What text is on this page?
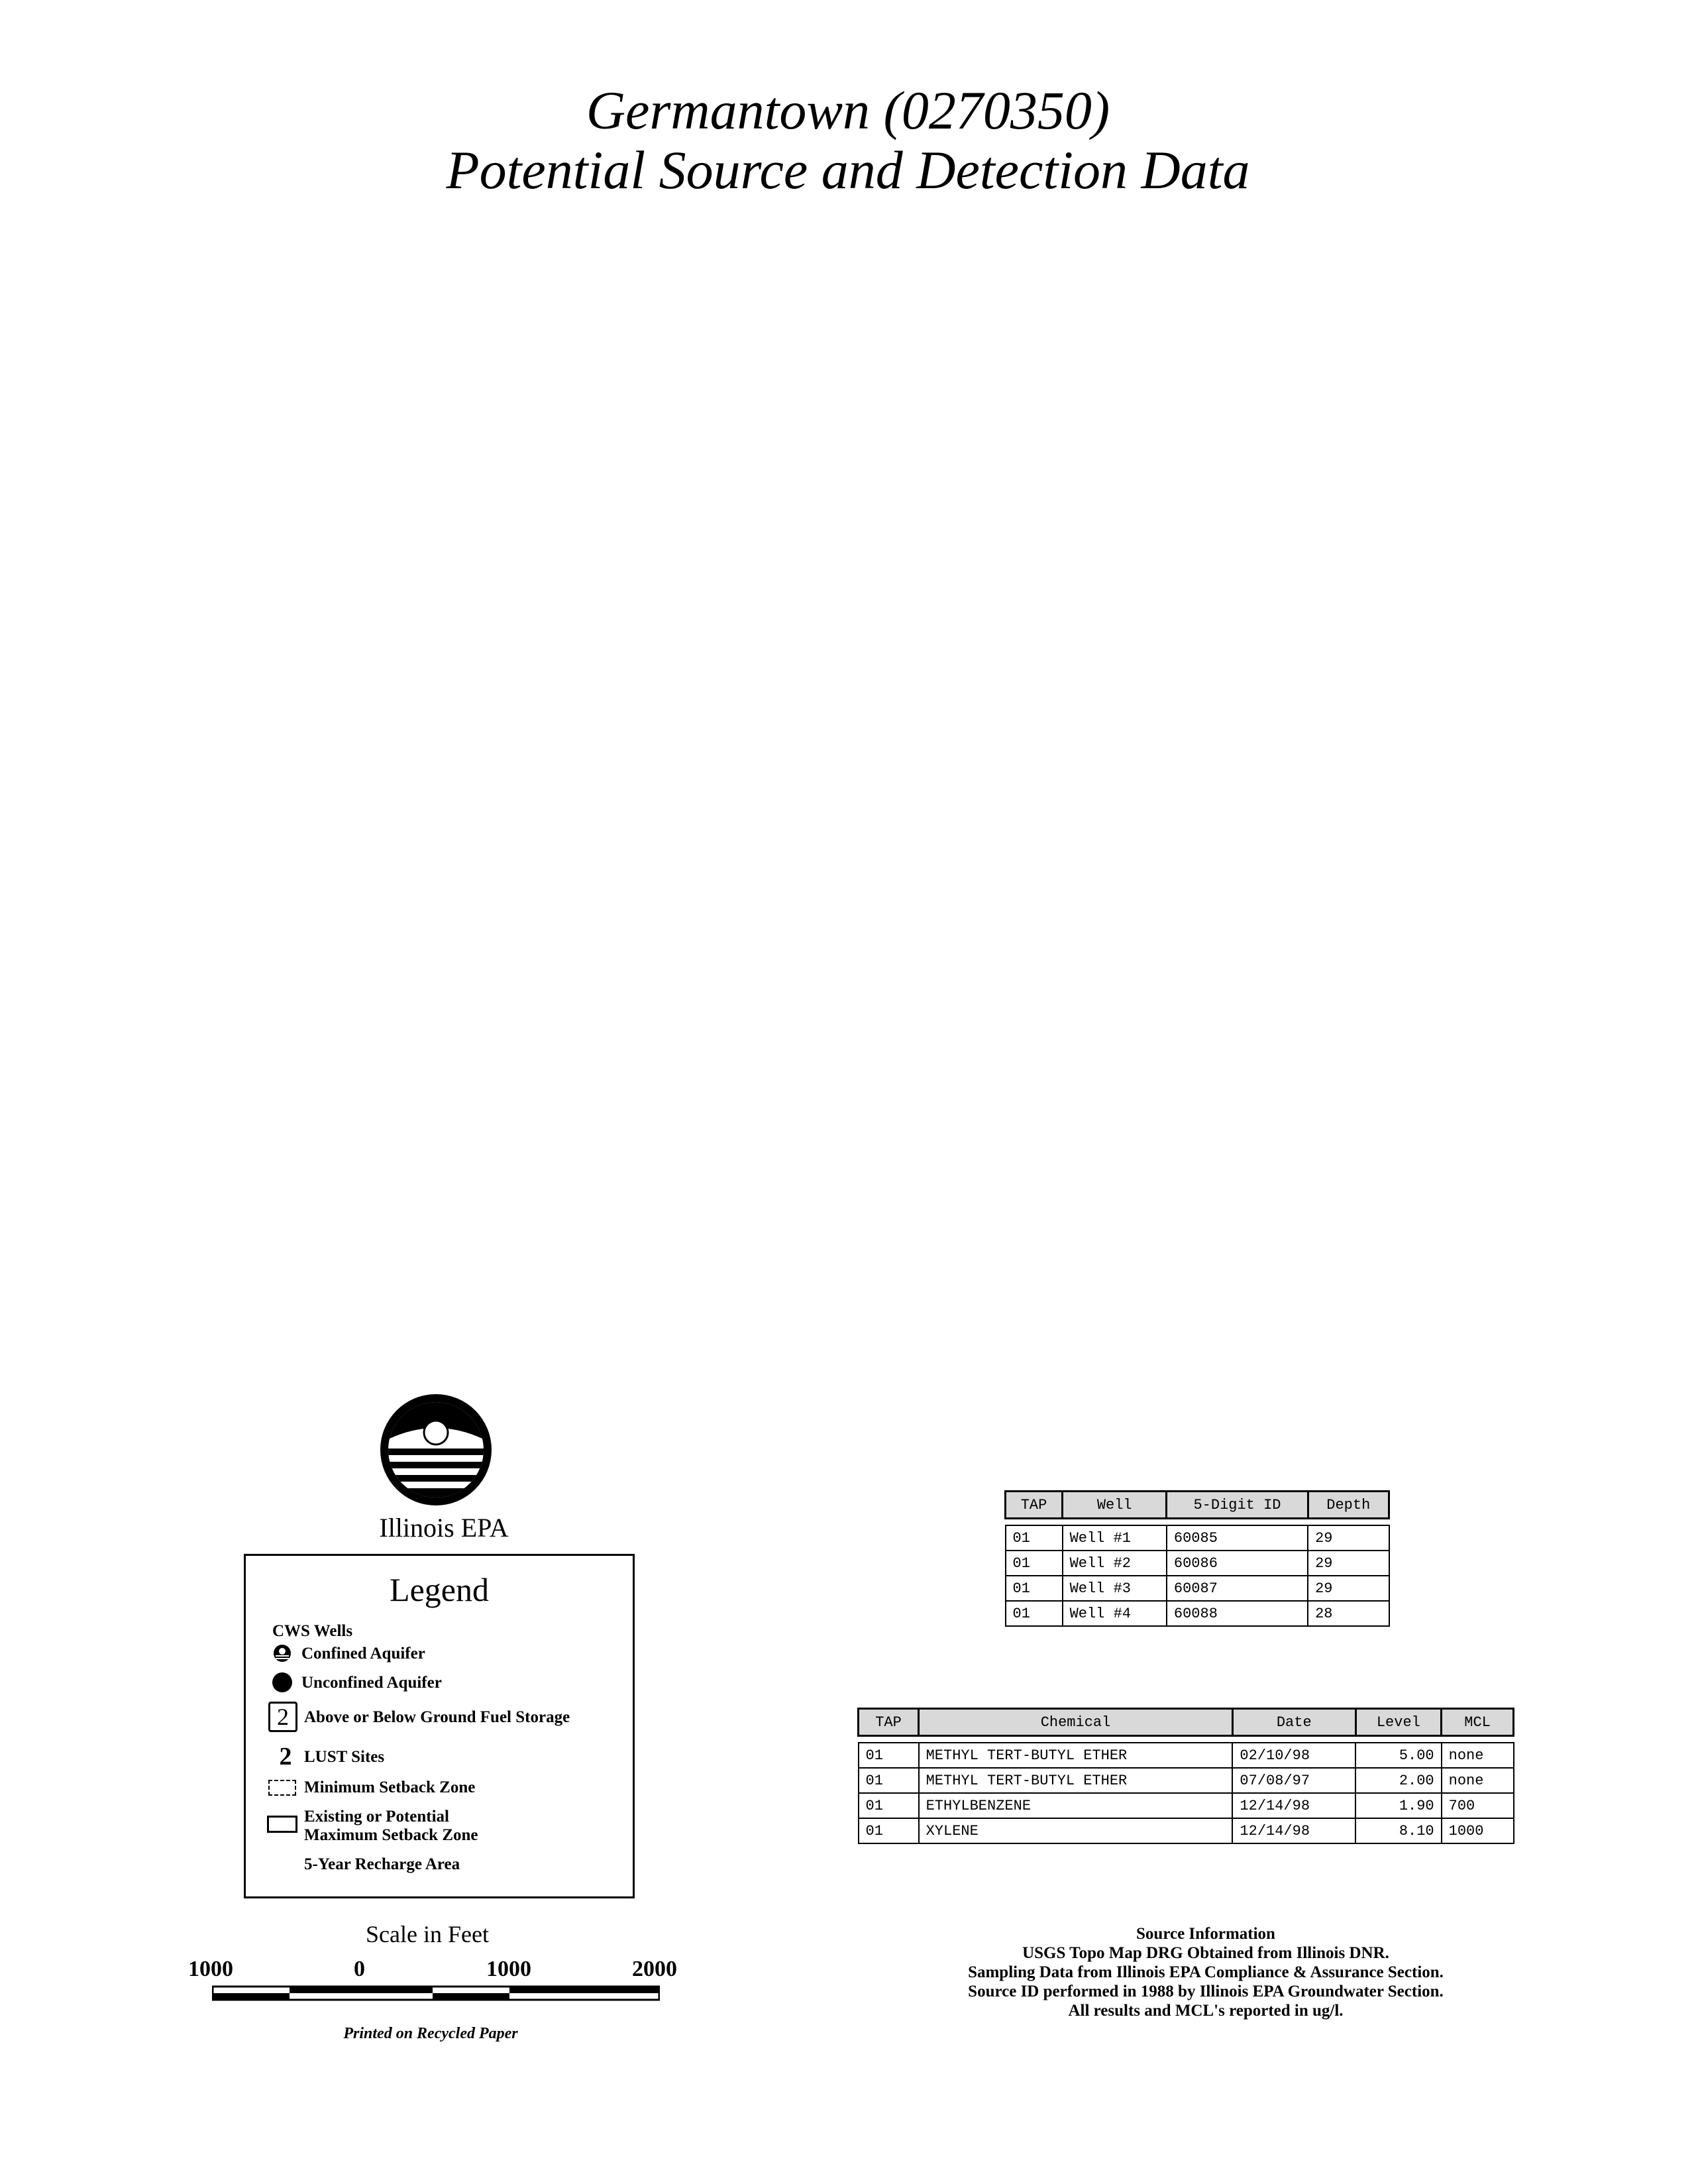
Germantown (0270350)
Potential Source and Detection Data
Illinois EPA
Legend
CWS Wells
Confined Aquifer
Unconfined Aquifer
2 Above or Below Ground Fuel Storage
2 LUST Sites
Minimum Setback Zone
Existing or Potential
Maximum Setback Zone
5-Year Recharge Area
Scale in Feet
1000	0	1000	2000
Printed on Recycled Paper
TAP	Well	5-Digit ID	Depth

01	Well #1	60085	29
01	Well #2	60086	29
01	Well #3	60087	29
01	Well #4	60088	28
TAP	Chemical	Date	Level	MCL

01	METHYL TERT-BUTYL ETHER	02/10/98	5.00	none
01	METHYL TERT-BUTYL ETHER	07/08/97	2.00	none
01	ETHYLBENZENE	12/14/98	1.90	700
01	XYLENE	12/14/98	8.10	1000
Source Information
USGS Topo Map DRG Obtained from Illinois DNR.
Sampling Data from Illinois EPA Compliance & Assurance Section.
Source ID performed in 1988 by Illinois EPA Groundwater Section.
All results and MCL's reported in ug/l.
